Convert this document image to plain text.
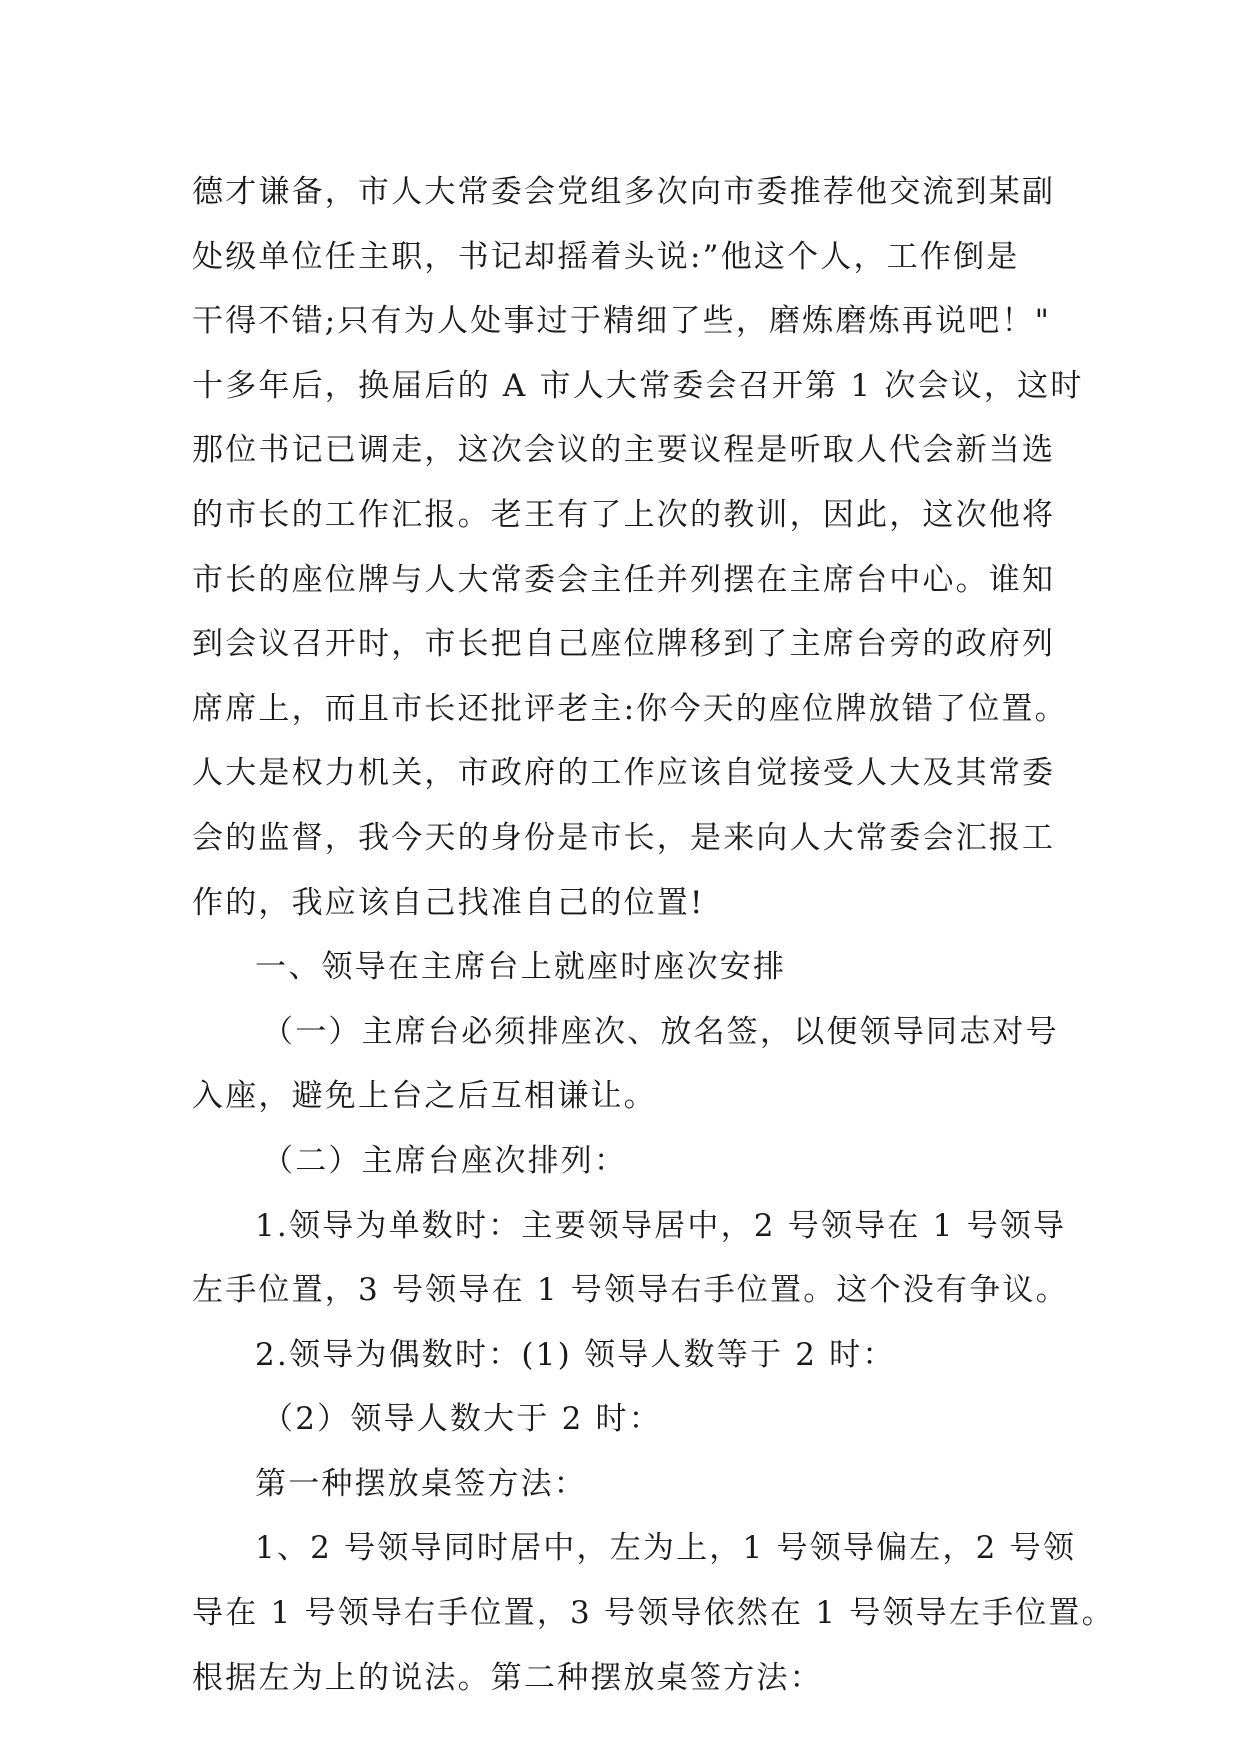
德才谦备，市人大常委会党组多次向市委推荐他交流到某副
处级单位任主职，书记却摇着头说:”他这个人，工作倒是
干得不错;只有为人处事过于精细了些，磨炼磨炼再说吧！"
十多年后，换届后的 A 市人大常委会召开第 1 次会议，这时
那位书记已调走，这次会议的主要议程是听取人代会新当选
的市长的工作汇报。老王有了上次的教训，因此，这次他将
市长的座位牌与人大常委会主任并列摆在主席台中心。谁知
到会议召开时，市长把自己座位牌移到了主席台旁的政府列
席席上，而且市长还批评老主:你今天的座位牌放错了位置。
人大是权力机关，市政府的工作应该自觉接受人大及其常委
会的监督，我今天的身份是市长，是来向人大常委会汇报工
作的，我应该自己找准自己的位置!
一、领导在主席台上就座时座次安排
（一）主席台必须排座次、放名签，以便领导同志对号
入座，避免上台之后互相谦让。
（二）主席台座次排列：
1.领导为单数时：主要领导居中，2 号领导在 1 号领导
左手位置，3 号领导在 1 号领导右手位置。这个没有争议。
2.领导为偶数时：(1) 领导人数等于 2 时：
（2）领导人数大于 2 时：
第一种摆放桌签方法：
1、2 号领导同时居中，左为上，1 号领导偏左，2 号领
导在 1 号领导右手位置，3 号领导依然在 1 号领导左手位置。
根据左为上的说法。第二种摆放桌签方法：
